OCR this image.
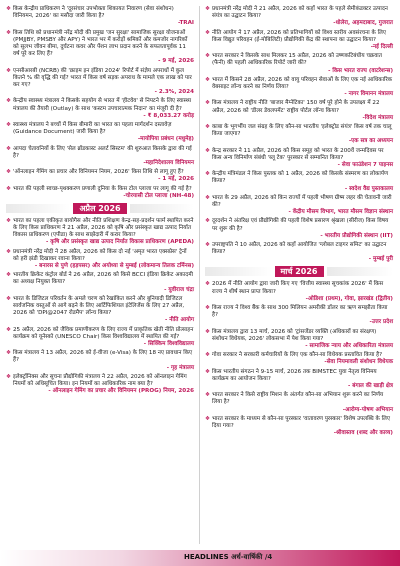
❖ किस केन्द्रीय प्राधिकरण ने 'दूरसंचार उपभोक्ता शिकायत निवारण (सेवा संशोधन) विनियमन, 2026' का मसौदा जारी किया है?
-TRAI
❖ किस तिथि को प्रधानमंत्री नरेंद्र मोदी की प्रमुख 'जन सुरक्षा' सामाजिक सुरक्षा योजनाओं (PMJJBY, PMSBY और APY) ने भारत भर में करोड़ों श्रमिकों और कमजोर नागरिकों को सुलभ जीवन बीमा, दुर्घटना कवर और पेंशन लाभ प्रदान करने के सफलतापूर्वक 11 वर्ष पूरे कर लिए हैं?
- 9 मई, 2026
❖ एनसीआरबी (NCRB) की 'क्राइम इन इंडिया 2024' रिपोर्ट में संज्ञेय अपराधों में कुल कितने % की वृद्धि की गई? भारत में किस वर्ष सड़क अपराध के मामले एक लाख को पार कर गए?
- 2.3%, 2024
❖ केन्द्रीय स्वास्थ्य मंत्रालय ने किसके सहयोग से भारत में 'हीटवेव' से निपटने के लिए स्वास्थ्य मंत्रालय की तैयारी (Outlay) के साथ 'कस्टम उपचारात्मक निदान' का मंजूरी दी है?
- ₹ 8,033.27 करोड़
❖ स्वास्थ्य मंत्रालय ने बच्चों में किस बीमारी का भारत का पहला मार्गदर्शन दस्तावेज़ (Guidance Document) जारी किया है?
-मायोपिया प्रबंधन (मधुमेह)
❖ आपदा चेतावनियों के लिए 'सेल ब्रॉडकास्ट अलर्ट सिस्टम' की शुरुआत किसके द्वारा की गई है?
-महानिदेशालय विनियमन
❖ 'ऑनलाइन गेमिंग का प्रचार और विनियमन नियम, 2026' किस तिथि से लागू हुए हैं?
- 1 मई, 2026
❖ भारत की पहली स्वच्छ-पृथक्करण प्रणाली दुनिया के किस टोल प्लाजा पर लागू की गई है?
-चोरयासी टोल प्लाजा (NH-48)
अप्रैल 2026
❖ भारत का पहला एकीकृत बायोगैस और नीति प्रशिक्षण केन्द्र-सह-प्रदर्शन फार्म स्थापित करने के लिए किस प्राधिकरण ने 21 अप्रैल, 2026 को कृषि और प्रसंस्कृत खाद्य उत्पाद निर्यात विकास प्राधिकरण (एपीडा) के साथ साझेदारी में करार किया?
- कृषि और प्रसंस्कृत खाद्य उत्पाद निर्यात विकास प्राधिकरण (APEDA)
❖ प्रधानमंत्री नरेंद्र मोदी ने 28 अप्रैल, 2026 को किस दो नई 'अमृत भारत एक्सप्रेस' ट्रेनों को हरी झंडी दिखाकर रवाना किया?
- बनारस से पुणे (हड़पसर) और अयोध्या से मुम्बई (लोकमान्य तिलक टर्मिनस)
❖ भारतीय क्रिकेट कंट्रोल बोर्ड ने 26 अप्रैल, 2026 को किसे BCCI इंडिया क्रिकेट अकादमी का अध्यक्ष नियुक्त किया?
- युवीराज चंद्रा
❖ भारत के डिजिटल परिवर्तन के अमले चरण को रेखांकित करने और बुनियादी डिजिटल सार्वजनिक वस्तुओं से आगे बढ़ने के लिए आर्टिफिशियल इंटेलिजेंस के लिए 27 अप्रैल, 2026 को 'DPI@2047 रोडमैप' लॉन्च किया?
- नीति आयोग
❖ 25 अप्रैल, 2026 को जैविक प्रमाणीकरण के लिए राज्य में प्राकृतिक खेती नीति प्रोत्साहन कार्यक्रम को यूनेस्को (UNESCO Chair) किस विश्वविद्यालय में स्थापित की गई?
- सिक्किम विश्वविद्यालय
❖ किस मंत्रालय ने 13 अप्रैल, 2026 को ई-वीजा (e-Visa) के लिए 18 नए प्रावधान किए हैं?
- गृह मंत्रालय
❖ इलेक्ट्रॉनिक्स और सूचना प्रौद्योगिकी मंत्रालय ने 22 अप्रैल, 2026 को ऑनलाइन गेमिंग नियमों को अधिसूचित किया। इन नियमों का आधिकारिक नाम क्या है?
- ऑनलाइन गेमिंग का प्रचार और विनियमन (PROG) नियम, 2026
❖ प्रधानमंत्री नरेंद्र मोदी ने 21 अप्रैल, 2026 को कहाँ भारत के पहले सेमीकंडक्टर उत्पादन संयंत्र का उद्घाटन किया?
-धोलेरा, अहमदाबाद, गुजरात
❖ नीति आयोग ने 17 अप्रैल, 2026 को प्रतिभागियों को विश्व स्तरीय अवसंरचना के लिए किस विद्युत परिवहन (ई-मोबिलिटी) प्रौद्योगिकी केंद्र की स्थापना का उद्घाटन किया?
-नई दिल्ली
❖ भारत सरकार ने किसके साथ मिलकर 15 अप्रैल, 2026 को उष्णकटिबंधीय चक्रवात (फैनी) की पहली आधिकारिक रिपोर्ट जारी की?
- किस भारत राज्य (वाटरेशन्स)
❖ भारत में किसने 28 अप्रैल, 2026 को वायु परिवहन सेवाओं के लिए एक नई आधिकारिक वेबसाइट लॉन्च करने का निर्णय लिया?
- नागर विमानन मंत्रालय
❖ किस मंत्रालय ने राष्ट्रीय नीति 'बाजार मैग्नेटिका' 150 वर्ष पूरे होने के उपलक्ष्य में 22 अप्रैल, 2026 को 'डीलर डेवलपमेंट' राष्ट्रीय पोर्टल लॉन्च किया?
-विदेश मंत्रालय
❖ काबा के भूगर्भीय जल संग्रह के लिए कौन-सा भारतीय 'इलेक्ट्रोड संयंत्र' किस वर्ष तक चालू किया जाएगा?
-एक सत्र का अध्ययन
❖ केन्द्र सरकार ने 11 अप्रैल, 2026 को किस समूह को भारत के 200वें जन्मदिवस पर किस अन्य विनिर्माण संबंधी 'ब्लू टेक' पुरस्कार से सम्मानित किया?
- सेवा फाउंडेशन 7 पाइनस
❖ केन्द्रीय मंत्रिमंडल ने किस पुस्तक को 1 अप्रैल, 2026 को किसके संस्मरण का लोकार्पण किया?
- स्वदेश वैद्य पुस्तकालय
❖ भारत के 29 अप्रैल, 2026 को किन राज्यों में पहली भीषण ग्रीष्म लहर की चेतावनी जारी की?
- केंद्रीय मौसम विभाग, भारत मौसम विज्ञान संस्थान
❖ दूरदर्शन ने अंतरिक्ष एवं प्रौद्योगिकी की पहली विशेष प्रसारण श्रृंखला (सीरीज) किस विषय पर शुरू की है?
- भारतीय प्रौद्योगिकी संस्थान (IIT)
❖ उपराष्ट्रपति ने 10 अप्रैल, 2026 को कहाँ आयोजित 'ग्लोबल टाइगर समिट' का उद्घाटन किया?
- मुम्बई पुरी
मार्च 2026
❖ 2026 में नीति आयोग द्वारा जारी किए गए 'वित्तीय स्वास्थ्य सूचकांक 2026' में किस राज्य ने शीर्ष स्थान प्राप्त किया?
-ओडिशा (प्रथम), गोवा, झारखंड (द्वितीय)
❖ किस राज्य ने विश्व बैंक के साथ 300 मिलियन अमरीकी डॉलर का ऋण समझौता किया है?
-उत्तर प्रदेश
❖ किस मंत्रालय द्वारा 13 मार्च, 2026 को 'ट्रांसजेंडर व्यक्ति (अधिकारों का संरक्षण) संशोधन विधेयक, 2026' लोकसभा में पेश किया गया?
- सामाजिक न्याय और अधिकारिता मंत्रालय
❖ गोवा सरकार ने सरकारी कर्मचारियों के लिए एक कौन-सा विधेयक प्रस्तावित किया है?
-सेवा नियमावली संशोधन विधेयक
❖ किस भारतीय संगठन ने 9-15 मार्च, 2026 तक BIMSTEC युवा नेतृत्व विनिमय कार्यक्रम का आयोजन किया?
- बंगाल की खाड़ी क्षेत्र
❖ भारत सरकार ने किसे राष्ट्रीय मिशन के अंतर्गत कौन-सा अभियान शुरू करने का निर्णय लिया है?
-आरोग्य-पोषण अभियान
❖ भारत सरकार के माध्यम से कौन-सा पुरस्कार 'वातावरण पुरस्कार' विशेष उपलब्धि के लिए दिया गया?
-श्रीवास्तव (शब्द और काव्य)
HEADLINES अर्ध-वार्षिकी /4
